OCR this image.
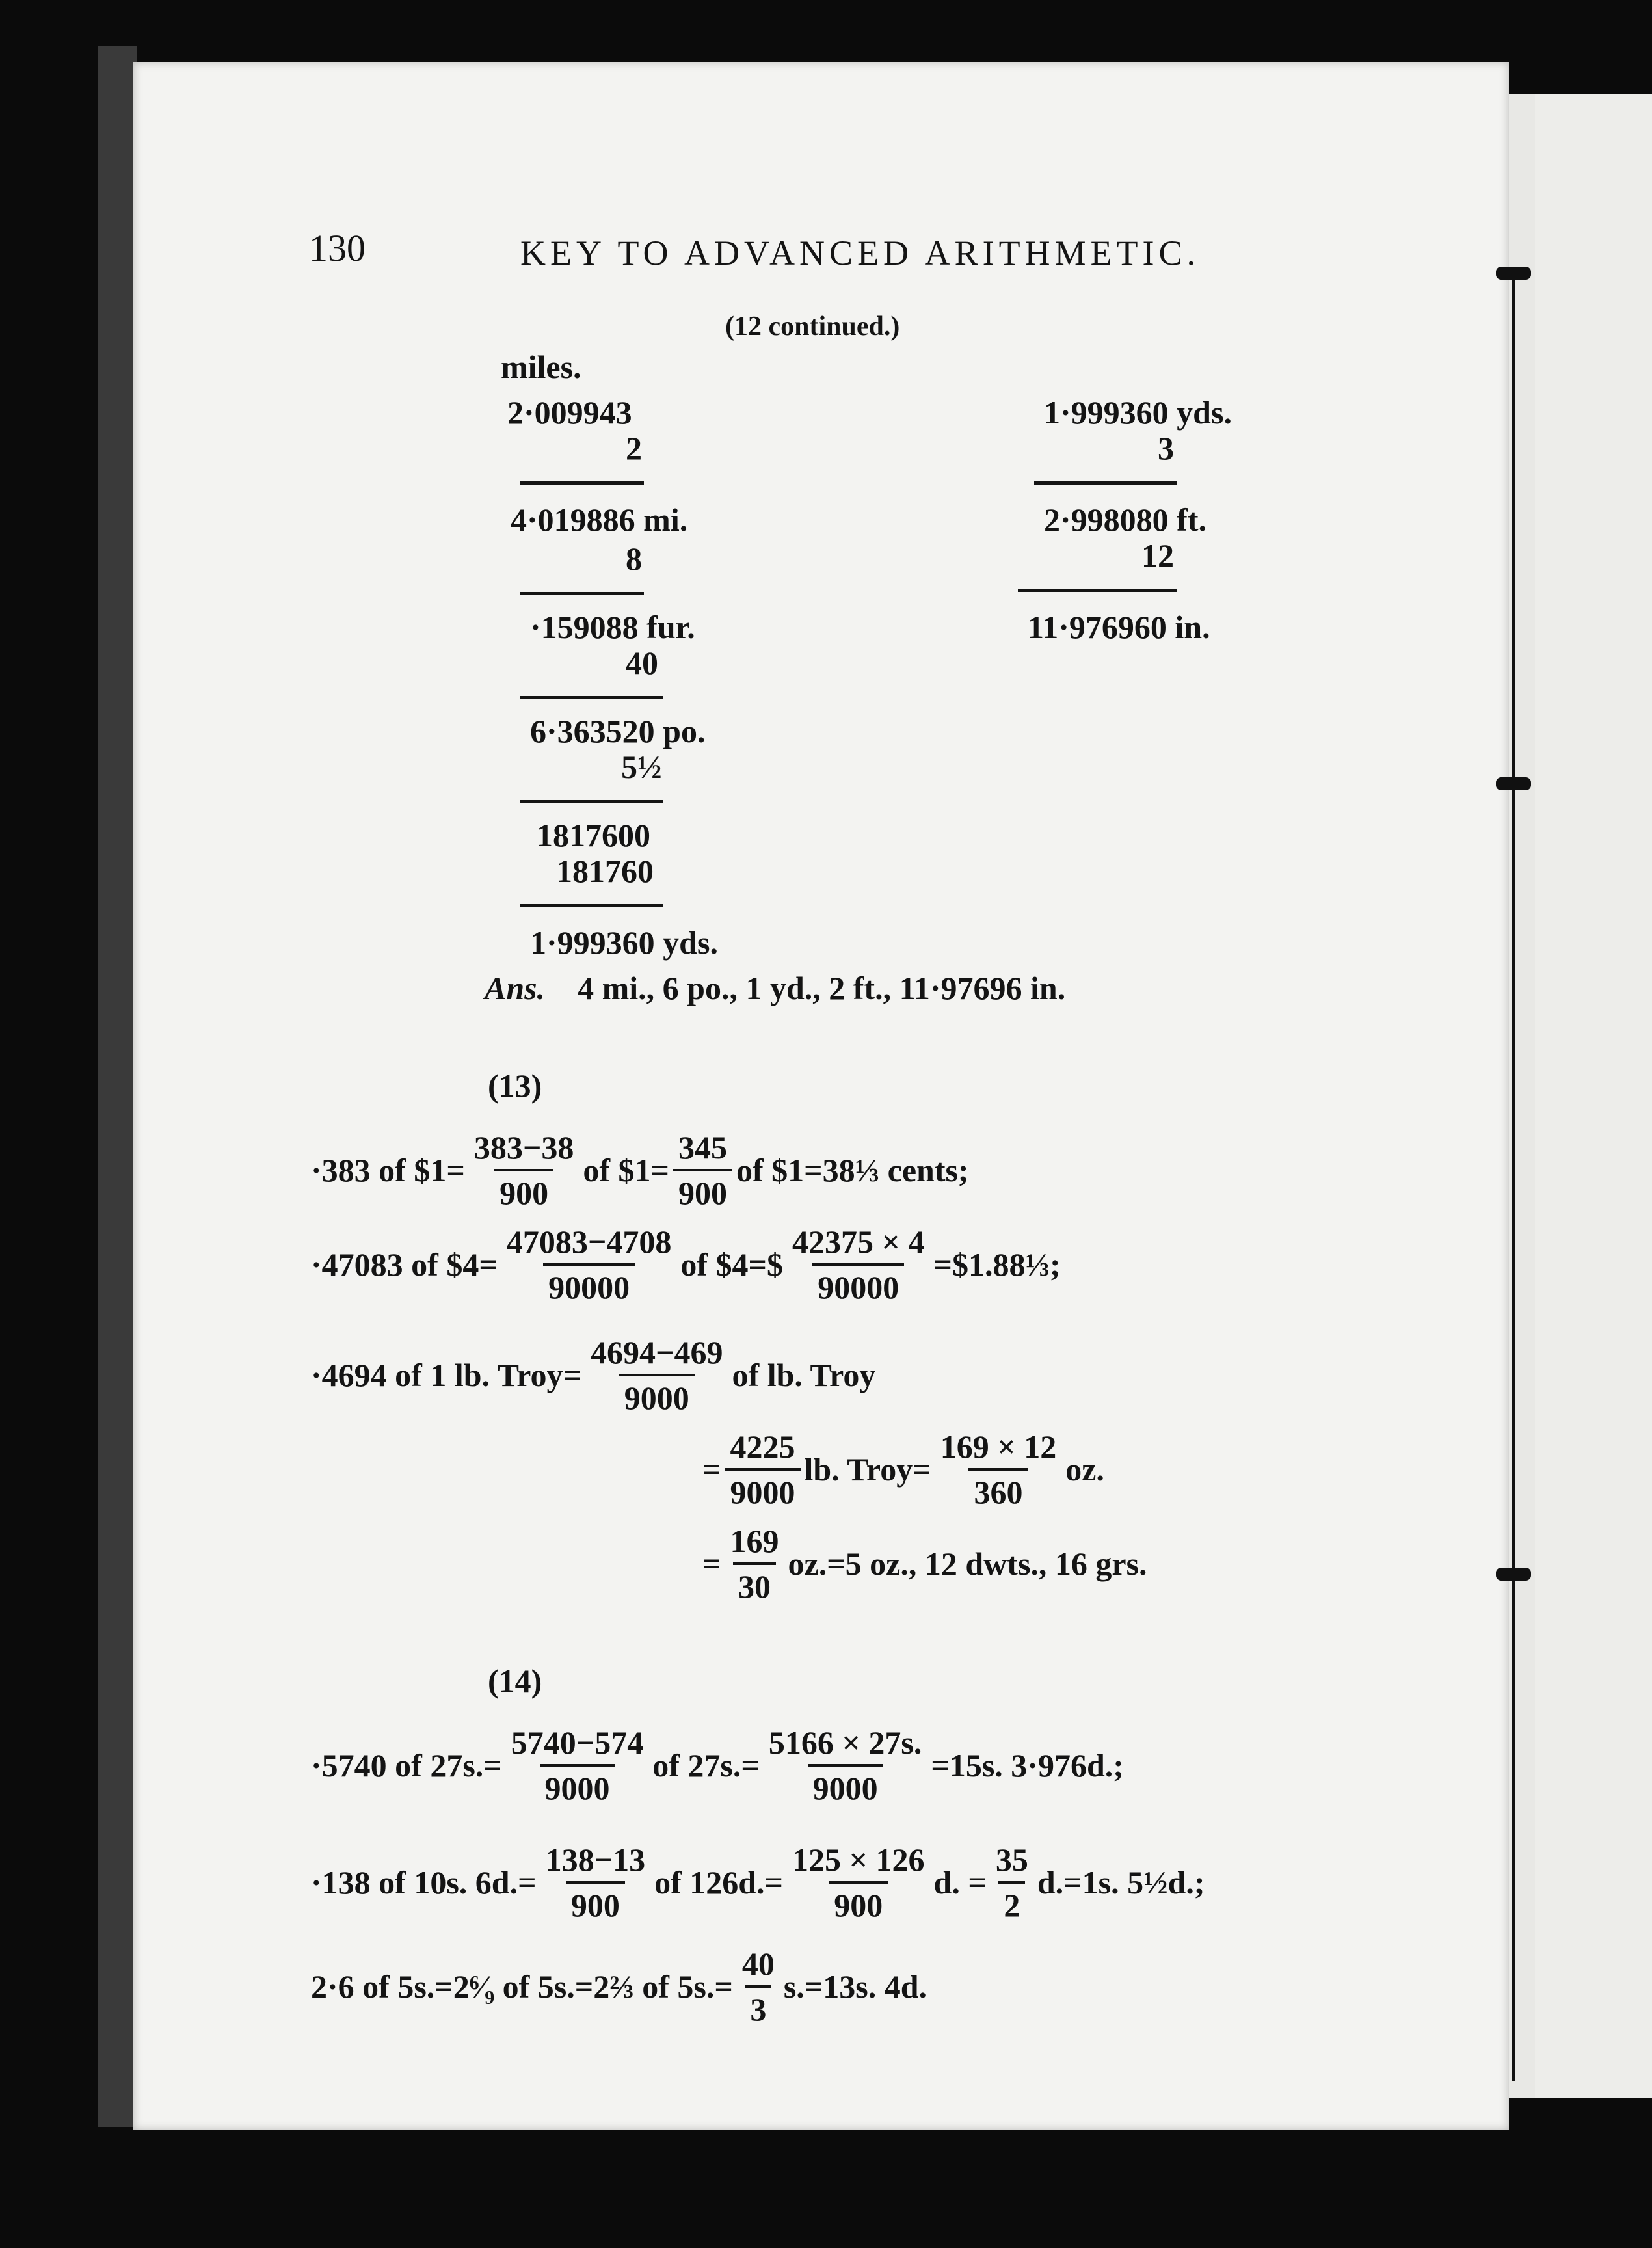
130	KEY TO ADVANCED ARITHMETIC.
(12 continued.)
miles.
2·009943
2
4·019886 mi.
8
·159088 fur.
40
6·363520 po.
5½
1817600
181760
1·999360 yds.
1·999360 yds.
3
2·998080 ft.
12
11·976960 in.
Ans. 4 mi., 6 po., 1 yd., 2 ft., 11·97696 in.
(13)
·383 of $1= $\frac{383-38}{900}$ of $1= $\frac{345}{900}$ of $1=38⅓ cents;
·47083 of $4= $\frac{47083-4708}{90000}$ of $4=$ $\frac{42375 \times 4}{90000}$ =$1.88⅓;
·4694 of 1 lb. Troy= $\frac{4694-469}{9000}$ of lb. Troy
= $\frac{4225}{9000}$ lb. Troy= $\frac{169 \times 12}{360}$ oz.
= $\frac{169}{30} oz.=5$ oz., 12 dwts., 16 grs.
(14)
·5740 of $27s.= \frac{5740-574}{9000}$ of $27s.= \frac{5166 \times 27s.}{9000} =15s$. 3·976d.;
·138 of 10s. $6d.= \frac{138-13}{900}$ of $126d.= \frac{125 \times 126}{900} d$. = $\frac{35}{2} d.=1s$. 5½d.;
2·6 of 5s.=2⁶⁄₉ of 5s.=2⅔ of $5s.= \frac{40}{3} s.=13s$. 4d.
